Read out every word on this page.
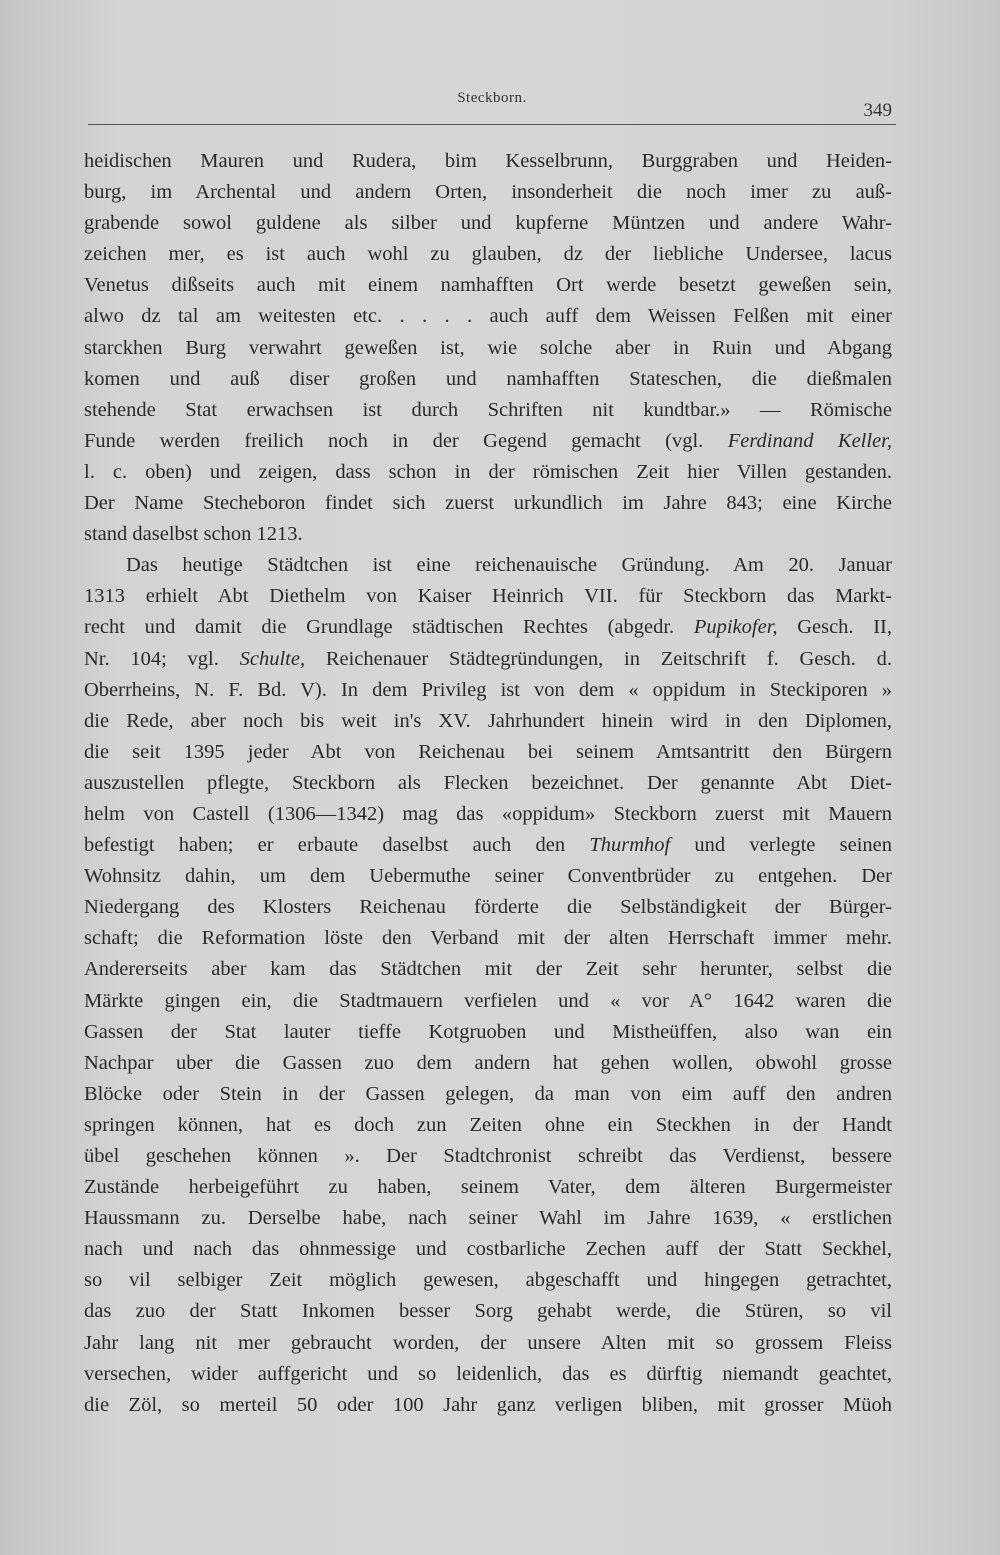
Steckborn.
349
heidischen Mauren und Rudera, bim Kesselbrunn, Burggraben und Heiden-
burg, im Archental und andern Orten, insonderheit die noch imer zu auß-
grabende sowol guldene als silber und kupferne Müntzen und andere Wahr-
zeichen mer, es ist auch wohl zu glauben, dz der liebliche Undersee, lacus
Venetus dißseits auch mit einem namhafften Ort werde besetzt geweßen sein,
alwo dz tal am weitesten etc. . . . . auch auff dem Weissen Felßen mit einer
starckhen Burg verwahrt geweßen ist, wie solche aber in Ruin und Abgang
komen und auß diser großen und namhafften Stateschen, die dießmalen
stehende Stat erwachsen ist durch Schriften nit kundtbar.» — Römische
Funde werden freilich noch in der Gegend gemacht (vgl. Ferdinand Keller,
l. c. oben) und zeigen, dass schon in der römischen Zeit hier Villen gestanden.
Der Name Stecheboron findet sich zuerst urkundlich im Jahre 843; eine Kirche
stand daselbst schon 1213.
Das heutige Städtchen ist eine reichenauische Gründung. Am 20. Januar
1313 erhielt Abt Diethelm von Kaiser Heinrich VII. für Steckborn das Markt-
recht und damit die Grundlage städtischen Rechtes (abgedr. Pupikofer, Gesch. II,
Nr. 104; vgl. Schulte, Reichenauer Städtegründungen, in Zeitschrift f. Gesch. d.
Oberrheins, N. F. Bd. V). In dem Privileg ist von dem « oppidum in Steckiporen »
die Rede, aber noch bis weit in's XV. Jahrhundert hinein wird in den Diplomen,
die seit 1395 jeder Abt von Reichenau bei seinem Amtsantritt den Bürgern
auszustellen pflegte, Steckborn als Flecken bezeichnet. Der genannte Abt Diet-
helm von Castell (1306—1342) mag das «oppidum» Steckborn zuerst mit Mauern
befestigt haben; er erbaute daselbst auch den Thurmhof und verlegte seinen
Wohnsitz dahin, um dem Uebermuthe seiner Conventbrüder zu entgehen. Der
Niedergang des Klosters Reichenau förderte die Selbständigkeit der Bürger-
schaft; die Reformation löste den Verband mit der alten Herrschaft immer mehr.
Andererseits aber kam das Städtchen mit der Zeit sehr herunter, selbst die
Märkte gingen ein, die Stadtmauern verfielen und « vor A° 1642 waren die
Gassen der Stat lauter tieffe Kotgruoben und Mistheüffen, also wan ein
Nachpar uber die Gassen zuo dem andern hat gehen wollen, obwohl grosse
Blöcke oder Stein in der Gassen gelegen, da man von eim auff den andren
springen können, hat es doch zun Zeiten ohne ein Steckhen in der Handt
übel geschehen können ». Der Stadtchronist schreibt das Verdienst, bessere
Zustände herbeigeführt zu haben, seinem Vater, dem älteren Burgermeister
Haussmann zu. Derselbe habe, nach seiner Wahl im Jahre 1639, « erstlichen
nach und nach das ohnmessige und costbarliche Zechen auff der Statt Seckhel,
so vil selbiger Zeit möglich gewesen, abgeschafft und hingegen getrachtet,
das zuo der Statt Inkomen besser Sorg gehabt werde, die Stüren, so vil
Jahr lang nit mer gebraucht worden, der unsere Alten mit so grossem Fleiss
versechen, wider auffgericht und so leidenlich, das es dürftig niemandt geachtet,
die Zöl, so merteil 50 oder 100 Jahr ganz verligen bliben, mit grosser Müoh
